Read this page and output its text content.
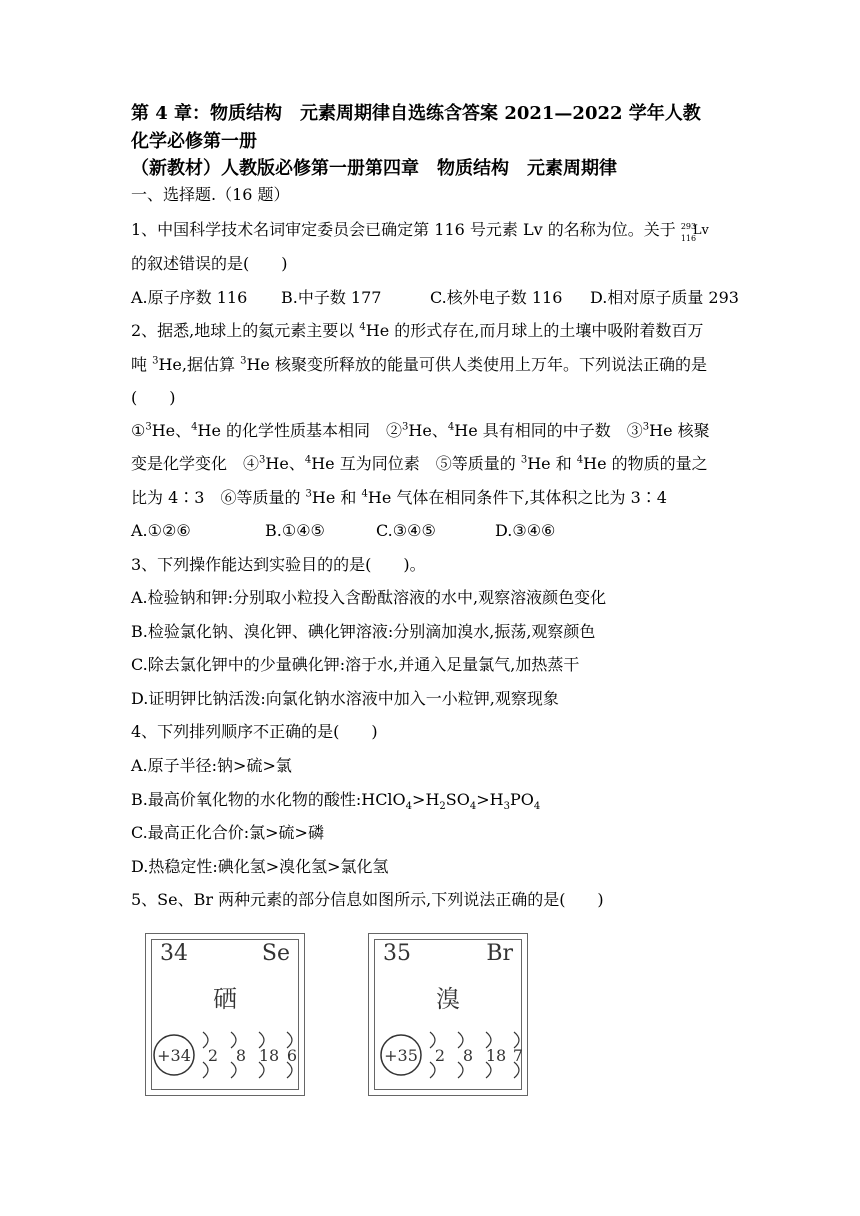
第 4 章：物质结构　元素周期律自选练含答案 2021—2022 学年人教
化学必修第一册
（新教材）人教版必修第一册第四章　物质结构　元素周期律
一、选择题.（16 题）
1、中国科学技术名词审定委员会已确定第 116 号元素 Lv 的名称为位。关于 293
116
Lv
的叙述错误的是(　　)
A.原子序数 116 B.中子数 177	C.核外电子数 116 D.相对原子质量 293
2、据悉,地球上的氦元素主要以 $^4$He 的形式存在,而月球上的土壤中吸附着数百万
吨 $^3$He,据估算 $^3$He 核聚变所释放的能量可供人类使用上万年。下列说法正确的是
(　　)
①$^3$He、$^4$He 的化学性质基本相同　②$^3$He、$^4$He 具有相同的中子数　③$^3$He 核聚
变是化学变化　④$^3$He、$^4$He 互为同位素　⑤等质量的 $^3$He 和 $^4$He 的物质的量之
比为 4∶3　⑥等质量的 $^3$He 和 $^4$He 气体在相同条件下,其体积之比为 3∶4
A.①②⑥	B.①④⑤	C.③④⑤	D.③④⑥
3、下列操作能达到实验目的的是(　　)。
A.检验钠和钾:分别取小粒投入含酚酞溶液的水中,观察溶液颜色变化
B.检验氯化钠、溴化钾、碘化钾溶液:分别滴加溴水,振荡,观察颜色
C.除去氯化钾中的少量碘化钾:溶于水,并通入足量氯气,加热蒸干
D.证明钾比钠活泼:向氯化钠水溶液中加入一小粒钾,观察现象
4、下列排列顺序不正确的是(　　)
A.原子半径:钠>硫>氯
B.最高价氧化物的水化物的酸性$:HClO_4>H_2SO_4>H_3PO_4$
C.最高正化合价:氯>硫>磷
D.热稳定性:碘化氢>溴化氢>氯化氢
5、Se、Br 两种元素的部分信息如图所示,下列说法正确的是(　　)
34	Se
硒
+34 2 8 18 6
35	Br
溴
+35 2 8 18 7
